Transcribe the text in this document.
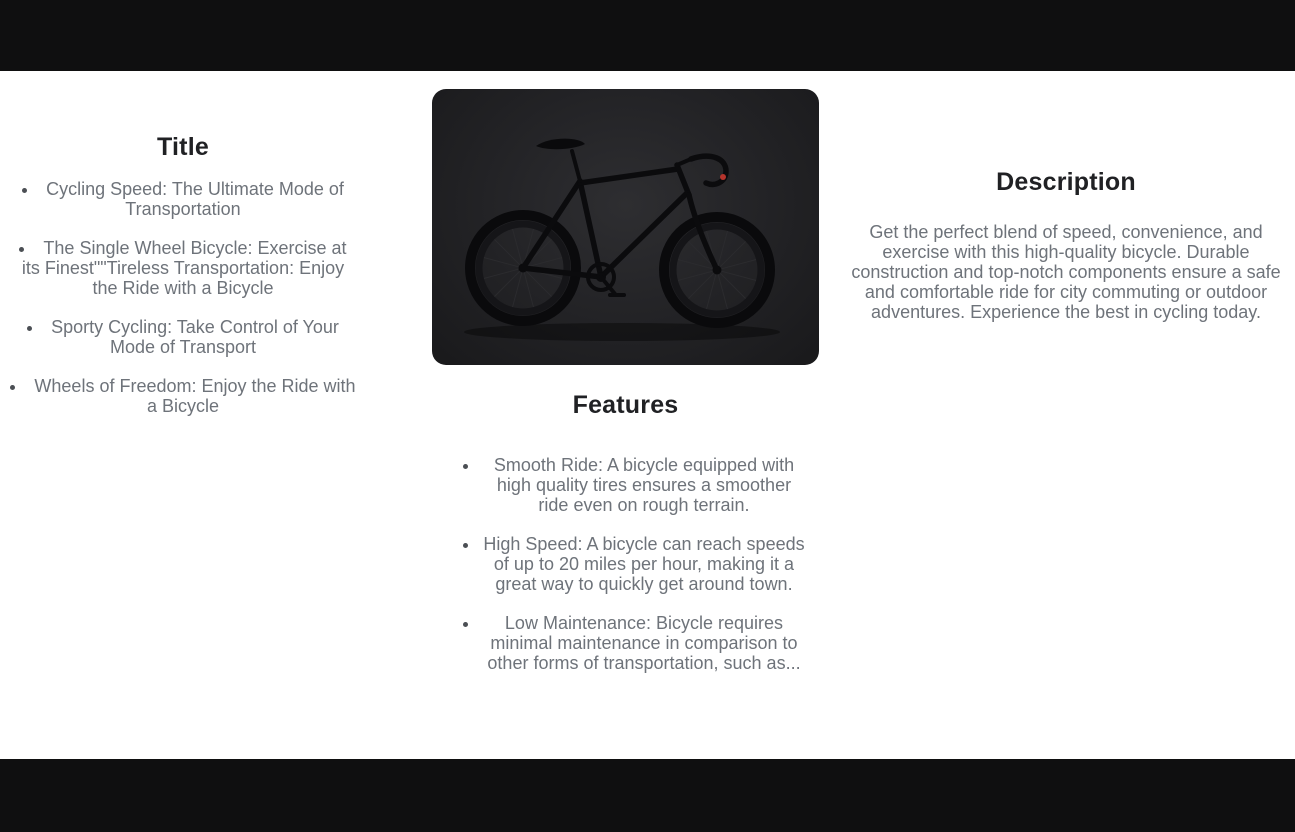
Title
• Cycling Speed: The Ultimate Mode of Transportation
• The Single Wheel Bicycle: Exercise at its Finest""Tireless Transportation: Enjoy the Ride with a Bicycle
• Sporty Cycling: Take Control of Your Mode of Transport
• Wheels of Freedom: Enjoy the Ride with a Bicycle	Features
• Smooth Ride: A bicycle equipped with high quality tires ensures a smoother ride even on rough terrain.
• High Speed: A bicycle can reach speeds of up to 20 miles per hour, making it a great way to quickly get around town.
• Low Maintenance: Bicycle requires minimal maintenance in comparison to other forms of transportation, such as...
Description

Get the perfect blend of speed, convenience, and exercise with this high-quality bicycle. Durable construction and top-notch components ensure a safe and comfortable ride for city commuting or outdoor adventures. Experience the best in cycling today.
